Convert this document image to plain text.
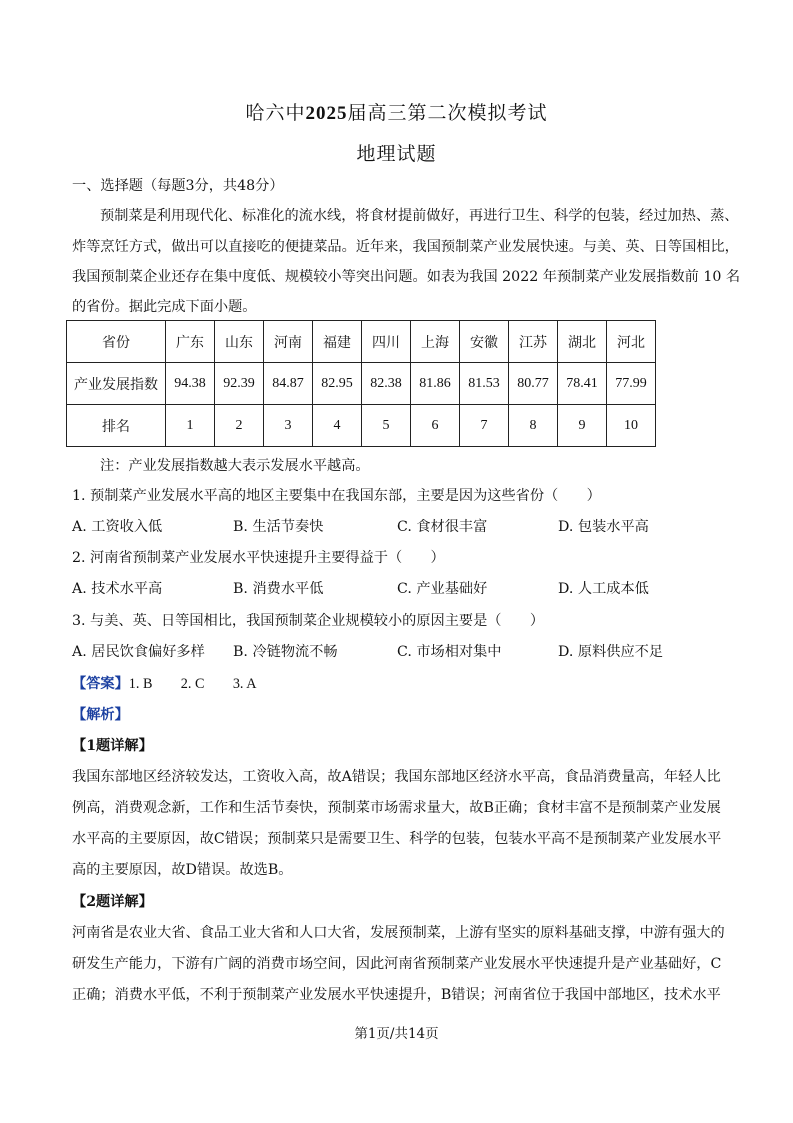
哈六中2025届高三第二次模拟考试
地理试题
一、选择题（每题3分，共48分）
预制菜是利用现代化、标准化的流水线，将食材提前做好，再进行卫生、科学的包装，经过加热、蒸、
炸等烹饪方式，做出可以直接吃的便捷菜品。近年来，我国预制菜产业发展快速。与美、英、日等国相比，
我国预制菜企业还存在集中度低、规模较小等突出问题。如表为我国 2022 年预制菜产业发展指数前 10 名
的省份。据此完成下面小题。
省份	广东	山东	河南	福建	四川	上海	安徽	江苏	湖北	河北
产业发展指数	94.38	92.39	84.87	82.95	82.38	81.86	81.53	80.77	78.41	77.99
排名	1	2	3	4	5	6	7	8	9	10
注：产业发展指数越大表示发展水平越高。
1. 预制菜产业发展水平高的地区主要集中在我国东部，主要是因为这些省份（　　）
A. 工资收入低	B. 生活节奏快	C. 食材很丰富	D. 包装水平高
2. 河南省预制菜产业发展水平快速提升主要得益于（　　）
A. 技术水平高	B. 消费水平低	C. 产业基础好	D. 人工成本低
3. 与美、英、日等国相比，我国预制菜企业规模较小的原因主要是（　　）
A. 居民饮食偏好多样 B. 冷链物流不畅	C. 市场相对集中	D. 原料供应不足
【答案】1. B　　2. C　　3. A
【解析】
【1题详解】
我国东部地区经济较发达，工资收入高，故A错误；我国东部地区经济水平高，食品消费量高，年轻人比
例高，消费观念新，工作和生活节奏快，预制菜市场需求量大，故B正确；食材丰富不是预制菜产业发展
水平高的主要原因，故C错误；预制菜只是需要卫生、科学的包装，包装水平高不是预制菜产业发展水平
高的主要原因，故D错误。故选B。
【2题详解】
河南省是农业大省、食品工业大省和人口大省，发展预制菜，上游有坚实的原料基础支撑，中游有强大的
研发生产能力，下游有广阔的消费市场空间，因此河南省预制菜产业发展水平快速提升是产业基础好，C
正确；消费水平低，不利于预制菜产业发展水平快速提升，B错误；河南省位于我国中部地区，技术水平
第1页/共14页
